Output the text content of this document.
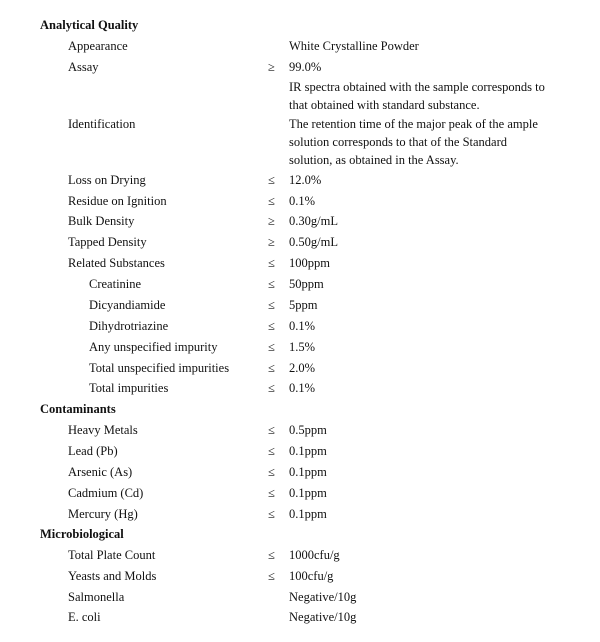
Analytical Quality
Appearance	White Crystalline Powder
Assay	≥	99.0%
IR spectra obtained with the sample corresponds to
that obtained with standard substance.
Identification	The retention time of the major peak of the ample
solution corresponds to that of the Standard
solution, as obtained in the Assay.
Loss on Drying	≤	12.0%
Residue on Ignition	≤	0.1%
Bulk Density	≥	0.30g/mL
Tapped Density	≥	0.50g/mL
Related Substances	≤	100ppm
Creatinine	≤	50ppm
Dicyandiamide	≤	5ppm
Dihydrotriazine	≤	0.1%
Any unspecified impurity	≤	1.5%
Total unspecified impurities	≤	2.0%
Total impurities	≤	0.1%
Contaminants
Heavy Metals	≤	0.5ppm
Lead (Pb)	≤	0.1ppm
Arsenic (As)	≤	0.1ppm
Cadmium (Cd)	≤	0.1ppm
Mercury (Hg)	≤	0.1ppm
Microbiological
Total Plate Count	≤	1000cfu/g
Yeasts and Molds	≤	100cfu/g
Salmonella	Negative/10g
E. coli	Negative/10g
